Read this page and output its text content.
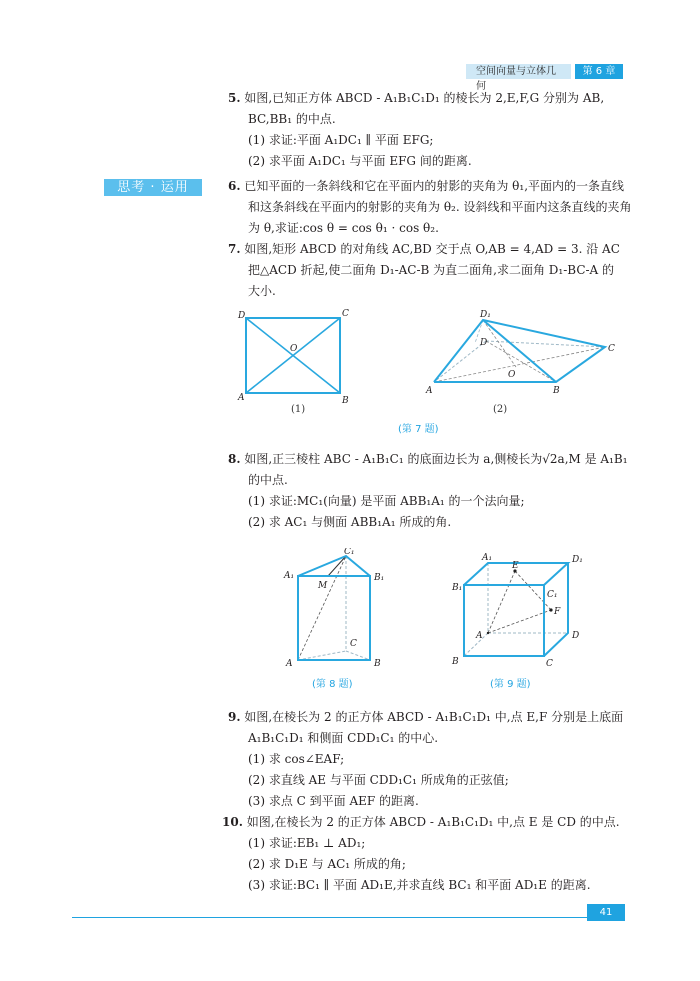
空间向量与立体几何
第 6 章
5. 如图,已知正方体 ABCD - A₁B₁C₁D₁ 的棱长为 2,E,F,G 分别为 AB,
BC,BB₁ 的中点.
(1) 求证:平面 A₁DC₁ ∥ 平面 EFG;
(2) 求平面 A₁DC₁ 与平面 EFG 间的距离.
思考 · 运用	6. 已知平面的一条斜线和它在平面内的射影的夹角为 θ₁,平面内的一条直线
和这条斜线在平面内的射影的夹角为 θ₂. 设斜线和平面内这条直线的夹角
为 θ,求证:cos θ = cos θ₁ · cos θ₂.
7. 如图,矩形 ABCD 的对角线 AC,BD 交于点 O,AB = 4,AD = 3. 沿 AC
把△ACD 折起,使二面角 D₁-AC-B 为直二面角,求二面角 D₁-BC-A 的
大小.
D	C
O
A	B
(1)
D₁
D
C
O
A	B
(2)
(第 7 题)
8. 如图,正三棱柱 ABC - A₁B₁C₁ 的底面边长为 a,侧棱长为√2a,M 是 A₁B₁
的中点.
(1) 求证:MC₁(向量) 是平面 ABB₁A₁ 的一个法向量;
(2) 求 AC₁ 与侧面 ABB₁A₁ 所成的角.
C₁
A₁
M
B₁
C
A	B
(第 8 题)
A₁	D₁
E
B₁
C₁
F
A	D
B	C
(第 9 题)
9. 如图,在棱长为 2 的正方体 ABCD - A₁B₁C₁D₁ 中,点 E,F 分别是上底面
A₁B₁C₁D₁ 和侧面 CDD₁C₁ 的中心.
(1) 求 cos∠EAF;
(2) 求直线 AE 与平面 CDD₁C₁ 所成角的正弦值;
(3) 求点 C 到平面 AEF 的距离.
10. 如图,在棱长为 2 的正方体 ABCD - A₁B₁C₁D₁ 中,点 E 是 CD 的中点.
(1) 求证:EB₁ ⊥ AD₁;
(2) 求 D₁E 与 AC₁ 所成的角;
(3) 求证:BC₁ ∥ 平面 AD₁E,并求直线 BC₁ 和平面 AD₁E 的距离.
41
